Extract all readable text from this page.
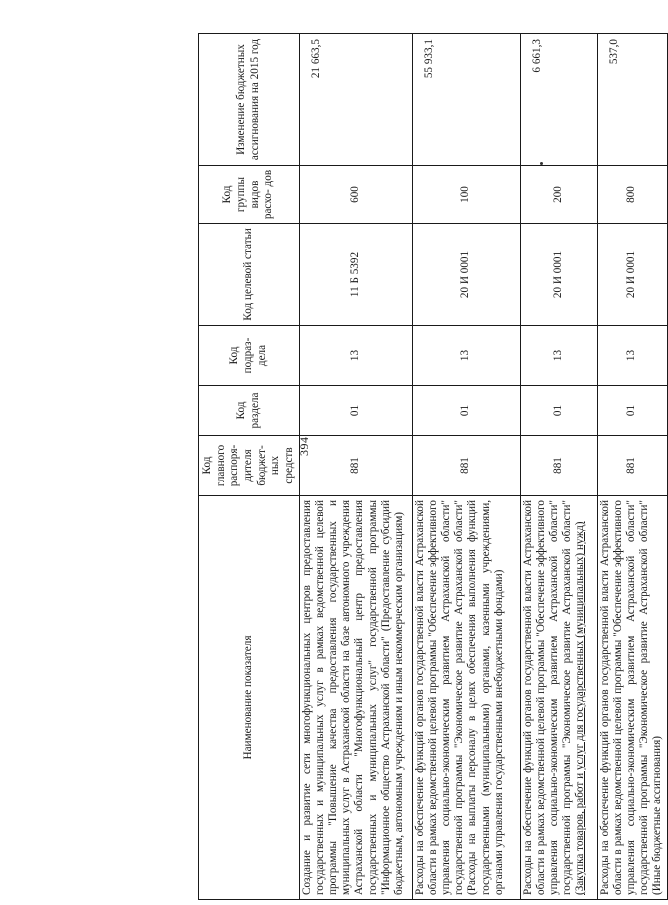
394
Наименование показателя	Код главного распоря- дителя бюджет- ных средств	Код раздела	Код подраз- дела	Код целевой статьи	Код группы видов расхо- дов	Изменение бюджетных ассигнования на 2015 год
Создание и развитие сети многофункциональных центров предоставления государственных и муниципальных услуг в рамках ведомственной целевой программы "Повышение качества предоставления государственных и муниципальных услуг в Астраханской области на базе автономного учреждения Астраханской области "Многофункциональный центр предоставления государственных и муниципальных услуг" государственной программы "Информационное общество Астраханской области" (Предоставление субсидий бюджетным, автономным учреждениям и иным некоммерческим организациям)	881	01	13	11 Б 5392	600	21 663,5
Расходы на обеспечение функций органов государственной власти Астраханской области в рамках ведомственной целевой программы "Обеспечение эффективного управления социально-экономическим развитием Астраханской области" государственной программы "Экономическое развитие Астраханской области" (Расходы на выплаты персоналу в целях обеспечения выполнения функций государственными (муниципальными) органами, казенными учреждениями, органами управления государственными внебюджетными фондами)	881	01	13	20 И 0001	100	55 933,1
Расходы на обеспечение функций органов государственной власти Астраханской области в рамках ведомственной целевой программы "Обеспечение эффективного управления социально-экономическим развитием Астраханской области" государственной программы "Экономическое развитие Астраханской области" (Закупка товаров, работ и услуг для государственных (муниципальных) нужд)	881	01	13	20 И 0001	200	6 661,3
Расходы на обеспечение функций органов государственной власти Астраханской области в рамках ведомственной целевой программы "Обеспечение эффективного управления социально-экономическим развитием Астраханской области" государственной программы "Экономическое развитие Астраханской области" (Иные бюджетные ассигнования)	881	01	13	20 И 0001	800	537,0
